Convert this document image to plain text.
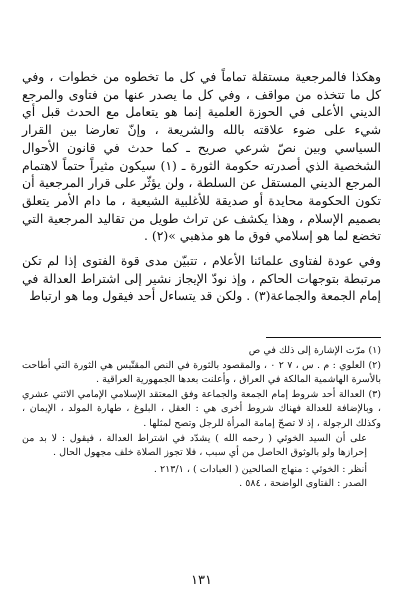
وهكذا فالمرجعية مستقلة تماماً في كل ما تخطوه من خطوات ، وفي كل ما تتخذه من مواقف ، وفي كل ما يصدر عنها من فتاوى والمرجع الديني الأعلى في الحوزة العلمية إنما هو يتعامل مع الحدث قبل أي شيء على ضوء علاقته بالله والشريعة ، وإنّ تعارضا بين القرار السياسي وبين نصّ شرعي صريح ـ كما حدث في قانون الأحوال الشخصية الذي أصدرته حكومة الثورة ـ (١) سيكون مثيراً حتماً لاهتمام المرجع الديني المستقل عن السلطة ، ولن يؤثّر على قرار المرجعية أن تكون الحكومة محايدة أو صديقة للأغلبية الشيعية ، ما دام الأمر يتعلق بصميم الإسلام ، وهذا يكشف عن تراث طويل من تقاليد المرجعية التي تخضع لما هو إسلامي فوق ما هو مذهبي »(٢) .

وفي عودة لفتاوى علمائنا الأعلام ، تتبيّن مدى قوة الفتوى إذا لم تكن مرتبطة بتوجهات الحاكم ، وإذ نودّ الإيجاز نشير إلى اشتراط العدالة في إمام الجمعة والجماعة(٣) . ولكن قد يتساءل أحد فيقول وما هو ارتباط

(١) مرّت الإشارة إلى ذلك في ص

(٢) العلوي : م . س ، ٧ ٢ ٠ ، والمقصود بالثورة في النص المقتّبس هي الثورة التي أطاحت بالأسرة الهاشمية المالكة في العراق ، وأعلنت بعدها الجمهورية العراقية .

(٣) العدالة أحد شروط إمام الجمعة والجماعة وفق المعتقد الإسلامي الإمامي الاثني عشري ، وبالإضافة للعدالة فهناك شروط أخرى هي : العقل ، البلوغ ، طهارة المولد ، الإيمان ، وكذلك الرجولة ، إذ لا تصحّ إمامة المرأة للرجل وتصح لمثلها .

على أن السيد الخوئي ( رحمه الله ) يشدّد في اشتراط العدالة ، فيقول : لا بد من إحرازها ولو بالوثوق الحاصل من أي سبب ، فلا تجوز الصلاة خلف مجهول الحال .

أنظر : الخوئي : منهاج الصالحين ( العبادات ) ، ٢١٣/١ .

الصدر : الفتاوى الواضحة ، ٥٨٤ .

١٣١
